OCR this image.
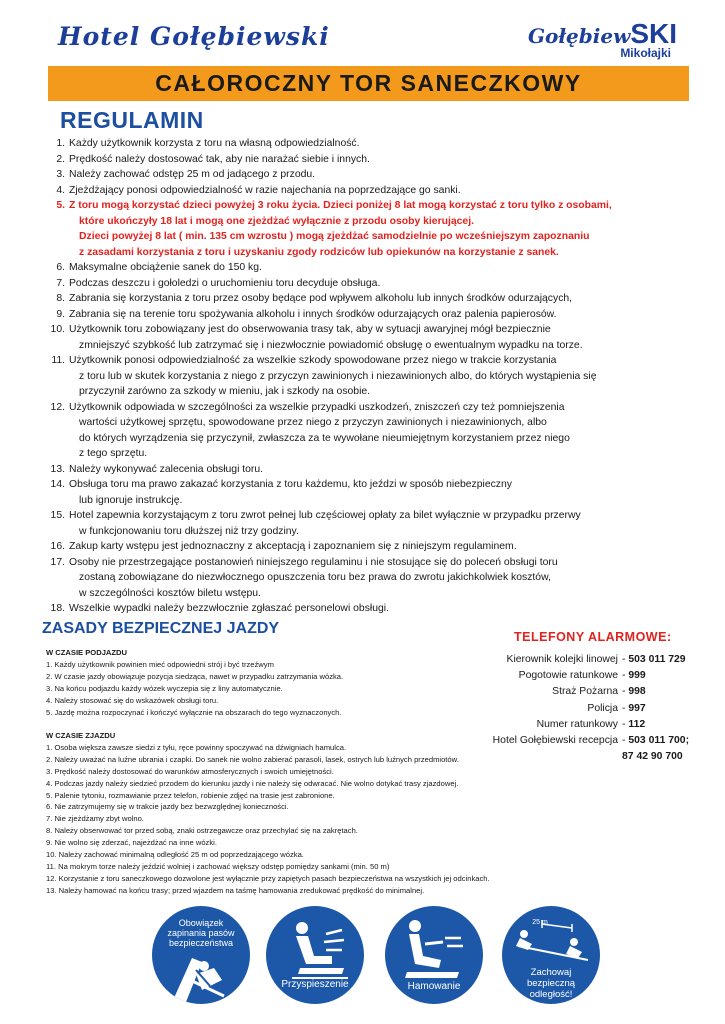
Hotel Gołębiewski	GołębiewSKI
Mikołajki
CAŁOROCZNY TOR SANECZKOWY
REGULAMIN
1. Każdy użytkownik korzysta z toru na własną odpowiedzialność.
2. Prędkość należy dostosować tak, aby nie narażać siebie i innych.
3. Należy zachować odstęp 25 m od jadącego z przodu.
4. Zjeżdżający ponosi odpowiedzialność w razie najechania na poprzedzające go sanki.
5. Z toru mogą korzystać dzieci powyżej 3 roku życia. Dzieci poniżej 8 lat mogą korzystać z toru tylko z osobami,
które ukończyły 18 lat i mogą one zjeżdżać wyłącznie z przodu osoby kierującej.
Dzieci powyżej 8 lat ( min. 135 cm wzrostu ) mogą zjeżdżać samodzielnie po wcześniejszym zapoznaniu
z zasadami korzystania z toru i uzyskaniu zgody rodziców lub opiekunów na korzystanie z sanek.
6. Maksymalne obciążenie sanek do 150 kg.
7. Podczas deszczu i gołoledzi o uruchomieniu toru decyduje obsługa.
8. Zabrania się korzystania z toru przez osoby będące pod wpływem alkoholu lub innych środków odurzających,
9. Zabrania się na terenie toru spożywania alkoholu i innych środków odurzających oraz palenia papierosów.
10. Użytkownik toru zobowiązany jest do obserwowania trasy tak, aby w sytuacji awaryjnej mógł bezpiecznie
zmniejszyć szybkość lub zatrzymać się i niezwłocznie powiadomić obsługę o ewentualnym wypadku na torze.
11. Użytkownik ponosi odpowiedzialność za wszelkie szkody spowodowane przez niego w trakcie korzystania
z toru lub w skutek korzystania z niego z przyczyn zawinionych i niezawinionych albo, do których wystąpienia się
przyczynił zarówno za szkody w mieniu, jak i szkody na osobie.
12. Użytkownik odpowiada w szczególności za wszelkie przypadki uszkodzeń, zniszczeń czy też pomniejszenia
wartości użytkowej sprzętu, spowodowane przez niego z przyczyn zawinionych i niezawinionych, albo
do których wyrządzenia się przyczynił, zwłaszcza za te wywołane nieumiejętnym korzystaniem przez niego
z tego sprzętu.
13. Należy wykonywać zalecenia obsługi toru.
14. Obsługa toru ma prawo zakazać korzystania z toru każdemu, kto jeździ w sposób niebezpieczny
lub ignoruje instrukcję.
15. Hotel zapewnia korzystającym z toru zwrot pełnej lub częściowej opłaty za bilet wyłącznie w przypadku przerwy
w funkcjonowaniu toru dłuższej niż trzy godziny.
16. Zakup karty wstępu jest jednoznaczny z akceptacją i zapoznaniem się z niniejszym regulaminem.
17. Osoby nie przestrzegające postanowień niniejszego regulaminu i nie stosujące się do poleceń obsługi toru
zostaną zobowiązane do niezwłocznego opuszczenia toru bez prawa do zwrotu jakichkolwiek kosztów,
w szczególności kosztów biletu wstępu.
18. Wszelkie wypadki należy bezzwłocznie zgłaszać personelowi obsługi.
ZASADY BEZPIECZNEJ JAZDY
W CZASIE PODJAZDU
1. Każdy użytkownik powinien mieć odpowiedni strój i być trzeźwym
2. W czasie jazdy obowiązuje pozycja siedząca, nawet w przypadku zatrzymania wózka.
3. Na końcu podjazdu każdy wózek wyczepia się z liny automatycznie.
4. Należy stosować się do wskazówek obsługi toru.
5. Jazdę można rozpoczynać i kończyć wyłącznie na obszarach do tego wyznaczonych.
W CZASIE ZJAZDU
1. Osoba większa zawsze siedzi z tyłu, ręce powinny spoczywać na dźwigniach hamulca.
2. Należy uważać na luźne ubrania i czapki. Do sanek nie wolno zabierać parasoli, lasek, ostrych lub luźnych przedmiotów.
3. Prędkość należy dostosować do warunków atmosferycznych i swoich umiejętności.
4. Podczas jazdy należy siedzieć przodem do kierunku jazdy i nie należy się odwracać. Nie wolno dotykać trasy zjazdowej.
5. Palenie tytoniu, rozmawianie przez telefon, robienie zdjęć na trasie jest zabronione.
6. Nie zatrzymujemy się w trakcie jazdy bez bezwzględnej konieczności.
7. Nie zjeżdżamy zbyt wolno.
8. Należy obserwować tor przed sobą, znaki ostrzegawcze oraz przechylać się na zakrętach.
9. Nie wolno się zderzać, najeżdżać na inne wózki.
10. Należy zachować minimalną odległość 25 m od poprzedzającego wózka.
11. Na mokrym torze należy jeździć wolniej i zachować większy odstęp pomiędzy sankami (min. 50 m)
12. Korzystanie z toru saneczkowego dozwolone jest wyłącznie przy zapiętych pasach bezpieczeństwa na wszystkich jej odcinkach.
13. Należy hamować na końcu trasy; przed wjazdem na taśmę hamowania zredukować prędkość do minimalnej.
TELEFONY ALARMOWE:
Kierownik kolejki linowej - 503 011 729
Pogotowie ratunkowe - 999
Straż Pożarna - 998
Policja - 997
Numer ratunkowy - 112
Hotel Gołębiewski recepcja - 503 011 700;
87 42 90 700
Obowiązek
zapinania pasów
bezpieczeństwa
Przyspieszenie	Hamowanie
25 m
Zachowaj
bezpieczną
odległość!
